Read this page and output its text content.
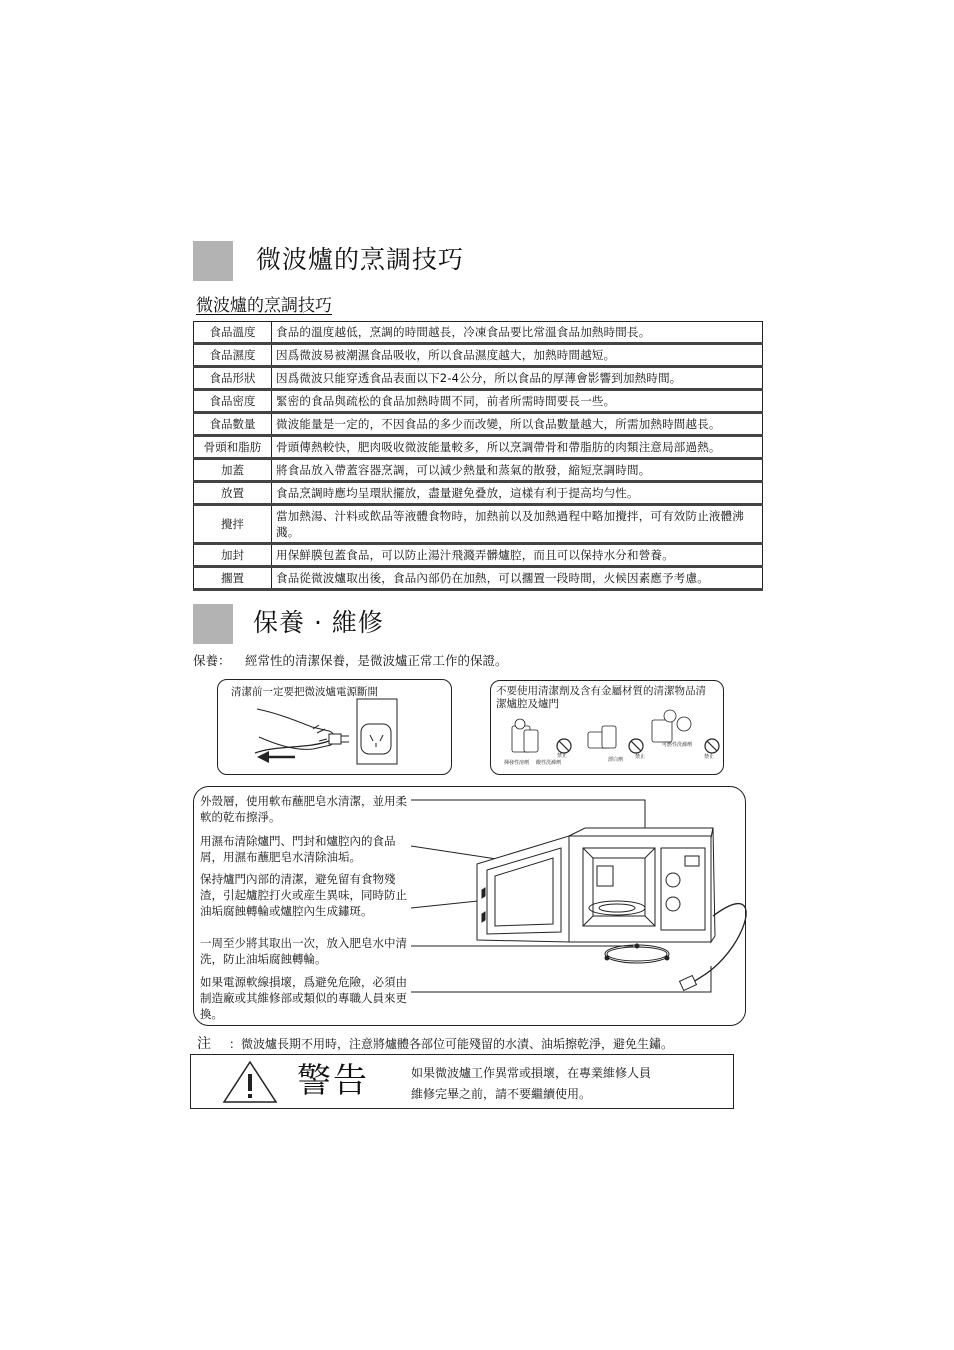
微波爐的烹調技巧
微波爐的烹調技巧
食品溫度	食品的溫度越低，烹調的時間越長，冷凍食品要比常溫食品加熱時間長。
食品濕度	因爲微波易被潮濕食品吸收，所以食品濕度越大，加熱時間越短。
食品形狀	因爲微波只能穿透食品表面以下2-4公分，所以食品的厚薄會影響到加熱時間。
食品密度	緊密的食品與疏松的食品加熱時間不同，前者所需時間要長一些。
食品數量	微波能量是一定的，不因食品的多少而改變，所以食品數量越大，所需加熱時間越長。
骨頭和脂肪	骨頭傳熱較快，肥肉吸收微波能量較多，所以烹調帶骨和帶脂肪的肉類注意局部過熱。
加蓋	將食品放入帶蓋容器烹調，可以減少熱量和蒸氣的散發，縮短烹調時間。
放置	食品烹調時應均呈環狀擺放，盡量避免叠放，這樣有利于提高均勻性。
攪拌	當加熱湯、汁料或飲品等液體食物時，加熱前以及加熱過程中略加攪拌，可有效防止液體沸濺。
加封	用保鮮膜包蓋食品，可以防止湯汁飛濺弄髒爐腔，而且可以保持水分和營養。
擱置	食品從微波爐取出後，食品內部仍在加熱，可以擱置一段時間，火候因素應予考慮。
保養 · 維修
保養： 經常性的清潔保養，是微波爐正常工作的保證。
清潔前一定要把微波爐電源斷開	不要使用清潔劑及含有金屬材質的清潔物品清潔爐腔及爐門
揮發性溶劑 酸性洗滌劑
禁止
漂白劑 禁止
可燃性洗滌劑
禁止
外殼層，使用軟布蘸肥皂水清潔，並用柔軟的乾布擦淨。
用濕布清除爐門、門封和爐腔內的食品屑，用濕布蘸肥皂水清除油垢。
保持爐門內部的清潔，避免留有食物殘渣，引起爐腔打火或産生異味，同時防止油垢腐蝕轉輪或爐腔內生成鏽斑。
一周至少將其取出一次，放入肥皂水中清洗，防止油垢腐蝕轉輪。
如果電源軟線損壞，爲避免危險，必須由制造廠或其維修部或類似的專職人員來更換。
注 ：微波爐長期不用時，注意將爐體各部位可能殘留的水漬、油垢擦乾淨，避免生鏽。
警告	如果微波爐工作異常或損壞，在專業維修人員維修完畢之前，請不要繼續使用。
